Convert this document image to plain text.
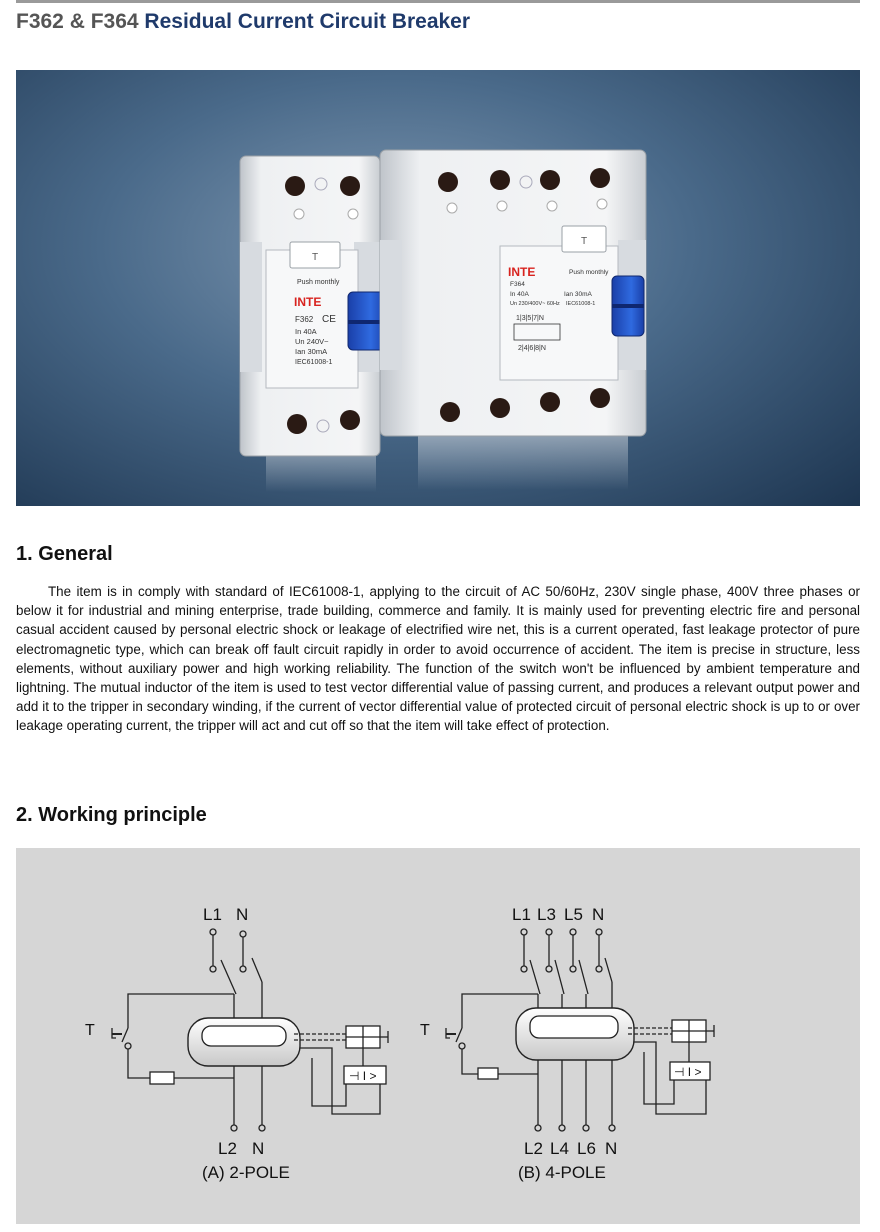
F362 & F364 Residual Current Circuit Breaker
T
Push monthly
INTE
F362 CE
In 40A
Un 240V~
Ian 30mA
IEC61008-1
T
INTE	Push monthly
F364
In 40A	Ian 30mA
Un 230/400V~ 60Hz IEC61008-1
1|3|5|7|N
2|4|6|8|N
1. General

The item is in comply with standard of IEC61008-1, applying to the circuit of AC 50/60Hz, 230V single phase, 400V three phases or below it for industrial and mining enterprise, trade building, commerce and family. It is mainly used for preventing electric fire and personal casual accident caused by personal electric shock or leakage of electrified wire net, this is a current operated, fast leakage protector of pure electromagnetic type, which can break off fault circuit rapidly in order to avoid occurrence of accident. The item is precise in structure, less elements, without auxiliary power and high working reliability. The function of the switch won't be influenced by ambient temperature and lightning. The mutual inductor of the item is used to test vector differential value of passing current, and produces a relevant output power and add it to the tripper in secondary winding, if the current of vector differential value of protected circuit of personal electric shock is up to or over leakage operating current, the tripper will act and cut off so that the item will take effect of protection.

2. Working principle
L1 N
T
⊣ I >
L2 N
(A) 2-POLE
L1 L3 L5 N
T
⊣ I >
L2 L4 L6 N
(B) 4-POLE
